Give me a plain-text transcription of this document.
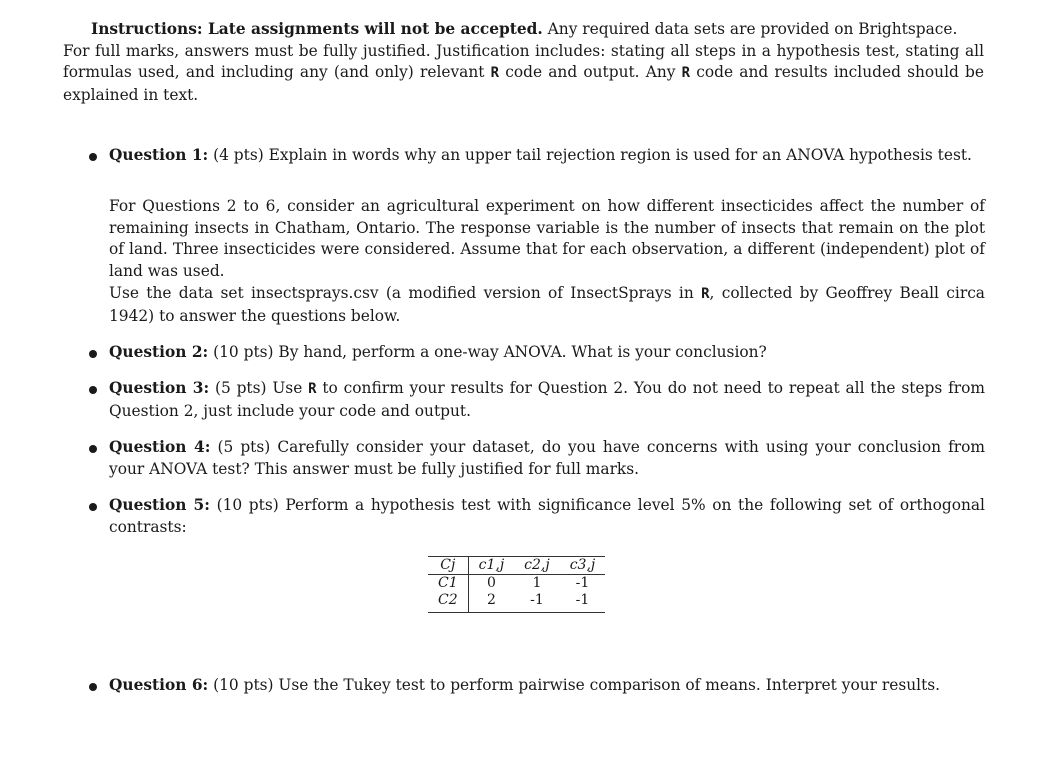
Instructions: Late assignments will not be accepted. Any required data sets are provided on Brightspace.
For full marks, answers must be fully justified. Justification includes: stating all steps in a hypothesis test, stating all formulas used, and including any (and only) relevant R code and output. Any R code and results included should be explained in text.
Question 1: (4 pts) Explain in words why an upper tail rejection region is used for an ANOVA hypothesis test.
For Questions 2 to 6, consider an agricultural experiment on how different insecticides affect the number of remaining insects in Chatham, Ontario. The response variable is the number of insects that remain on the plot of land. Three insecticides were considered. Assume that for each observation, a different (independent) plot of land was used.
Use the data set insectsprays.csv (a modified version of InsectSprays in R, collected by Geoffrey Beall circa 1942) to answer the questions below.
Question 2: (10 pts) By hand, perform a one-way ANOVA. What is your conclusion?
Question 3: (5 pts) Use R to confirm your results for Question 2. You do not need to repeat all the steps from Question 2, just include your code and output.
Question 4: (5 pts) Carefully consider your dataset, do you have concerns with using your conclusion from your ANOVA test? This answer must be fully justified for full marks.
Question 5: (10 pts) Perform a hypothesis test with significance level 5% on the following set of orthogonal contrasts:
Cj	c1,j	c2,j	c3,j
C1	0	1	-1
C2	2	-1	-1
Question 6: (10 pts) Use the Tukey test to perform pairwise comparison of means. Interpret your results.
